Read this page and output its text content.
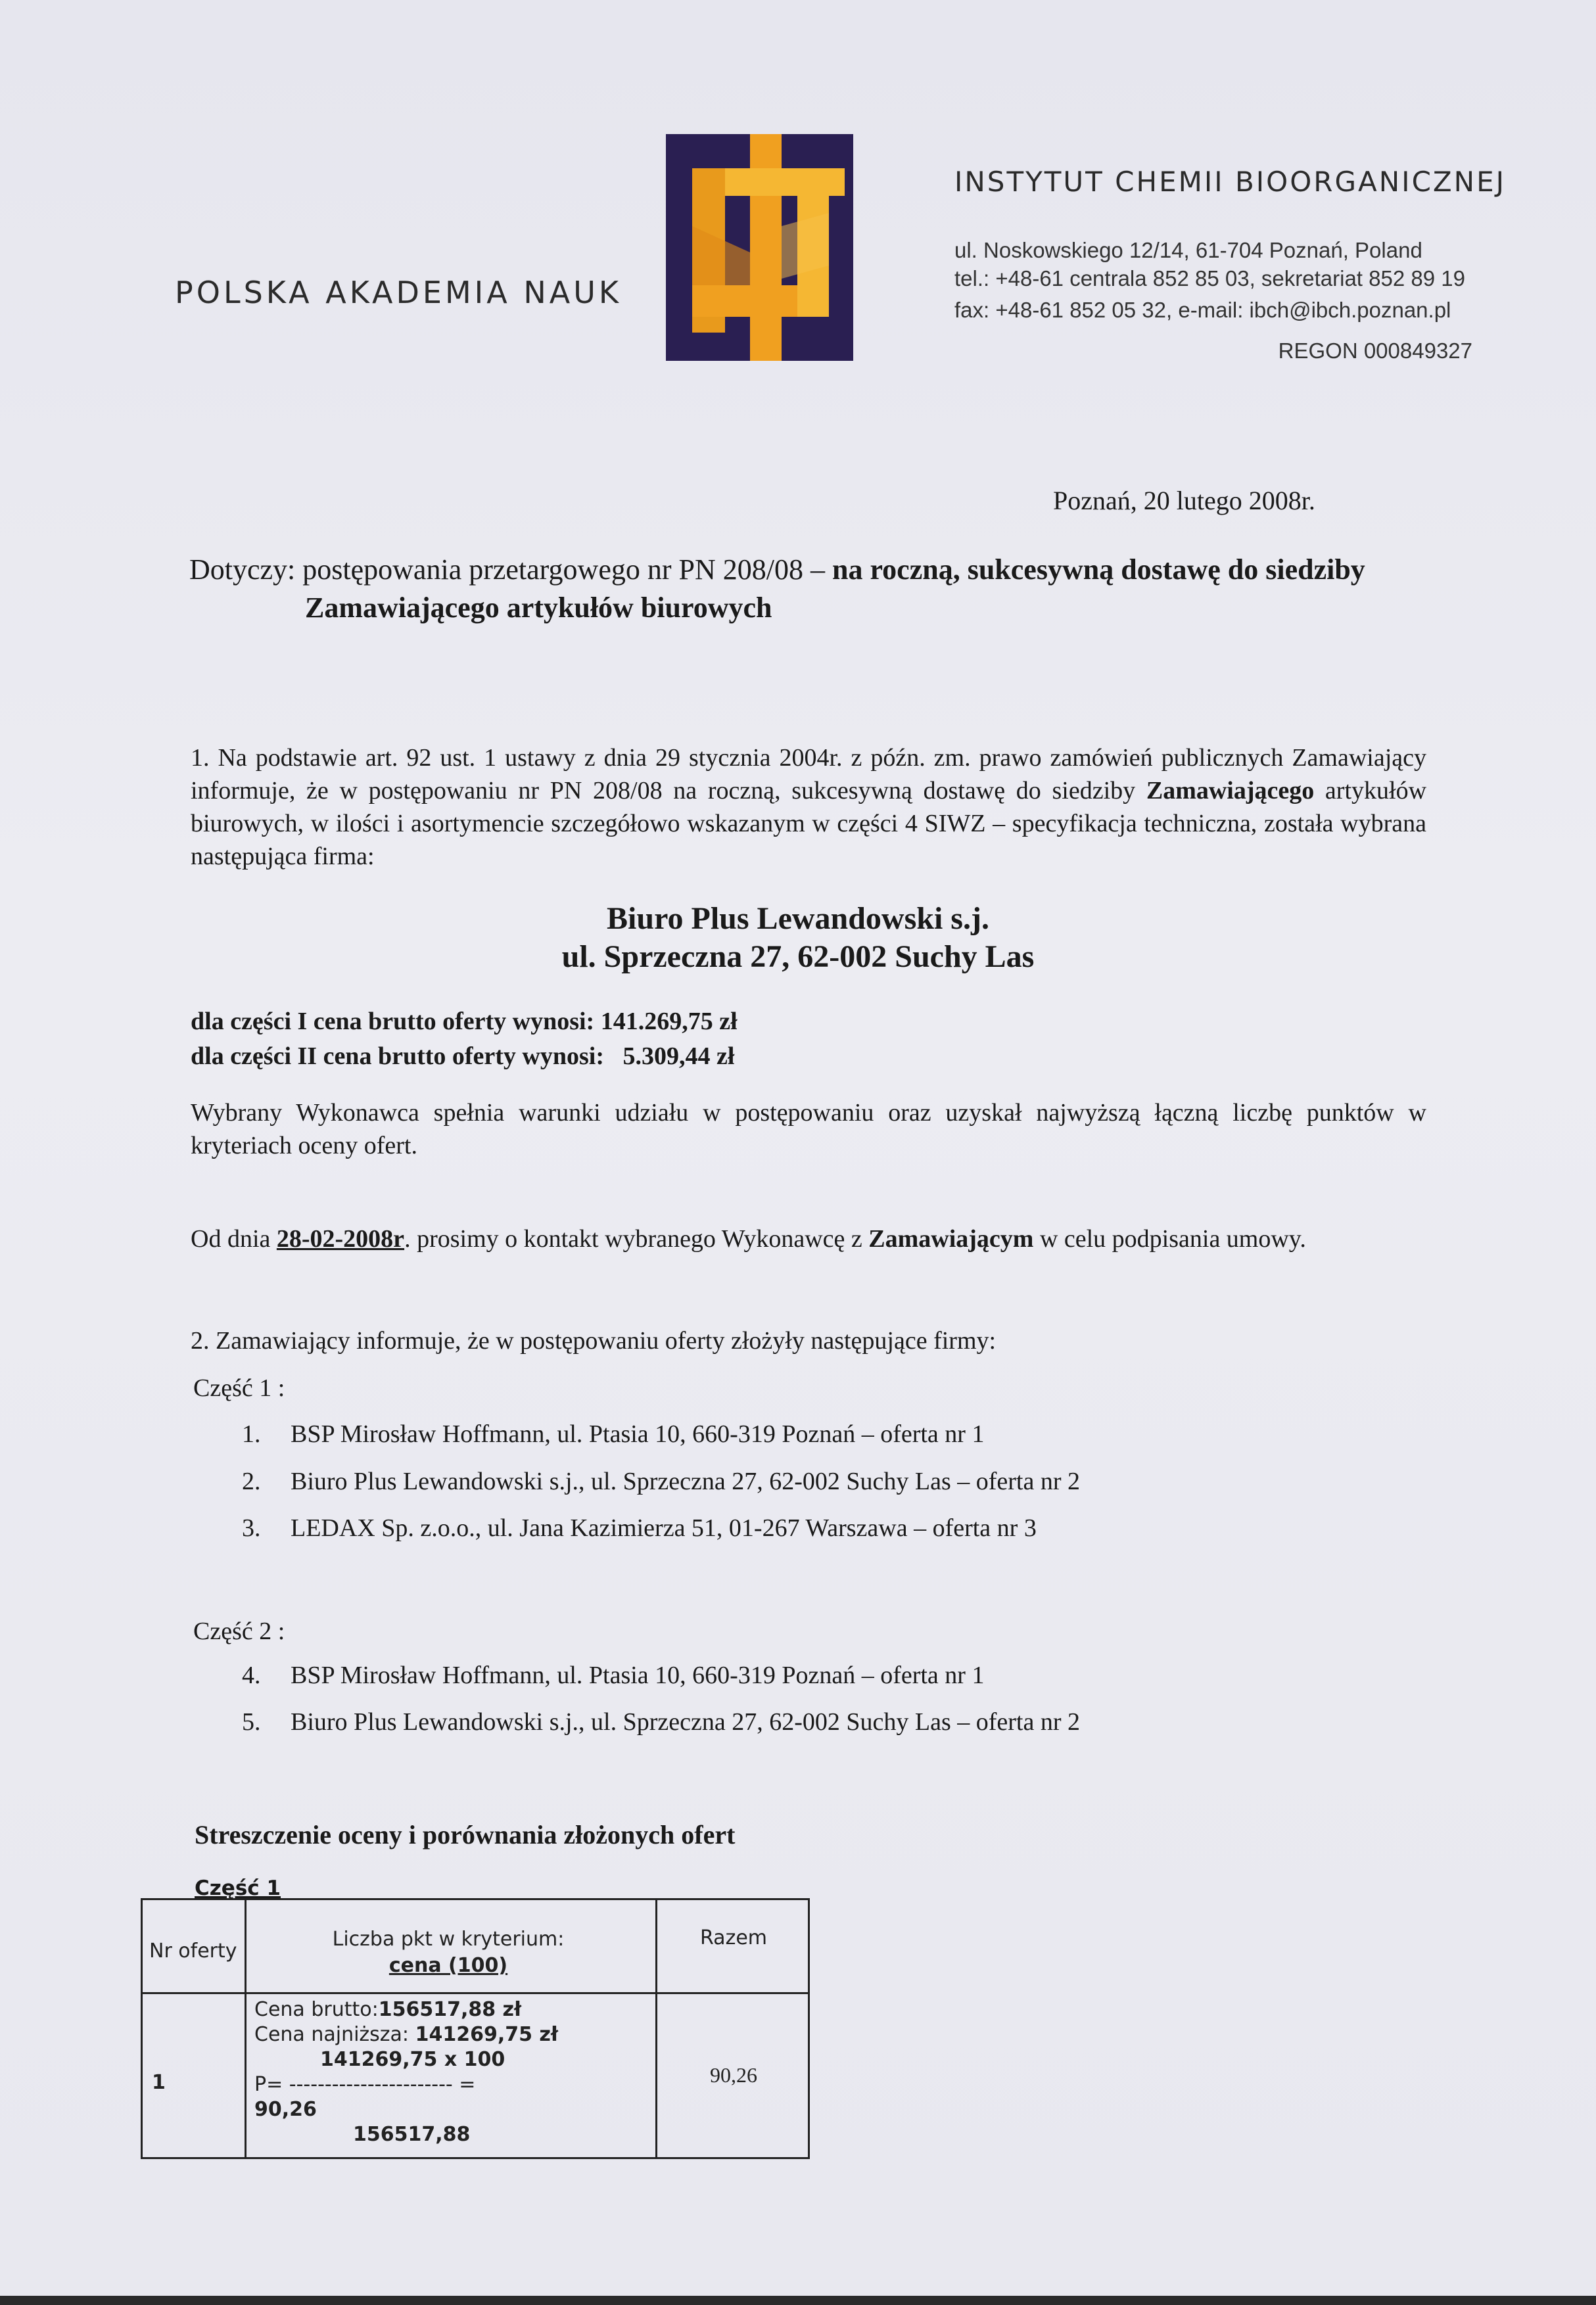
POLSKA AKADEMIA NAUK
INSTYTUT CHEMII BIOORGANICZNEJ
ul. Noskowskiego 12/14, 61-704 Poznań, Poland
tel.: +48-61 centrala 852 85 03, sekretariat 852 89 19
fax: +48-61 852 05 32, e-mail: ibch@ibch.poznan.pl
REGON 000849327
Poznań, 20 lutego 2008r.
Dotyczy: postępowania przetargowego nr PN 208/08 – na roczną, sukcesywną dostawę do siedziby
Zamawiającego artykułów biurowych
1. Na podstawie art. 92 ust. 1 ustawy z dnia 29 stycznia 2004r. z późn. zm. prawo zamówień publicznych Zamawiający informuje, że w postępowaniu nr PN 208/08 na roczną, sukcesywną dostawę do siedziby Zamawiającego artykułów biurowych, w ilości i asortymencie szczegółowo wskazanym w części 4 SIWZ – specyfikacja techniczna, została wybrana następująca firma:
Biuro Plus Lewandowski s.j.
ul. Sprzeczna 27, 62-002 Suchy Las
dla części I cena brutto oferty wynosi: 141.269,75 zł
dla części II cena brutto oferty wynosi:   5.309,44 zł
Wybrany Wykonawca spełnia warunki udziału w postępowaniu oraz uzyskał najwyższą łączną liczbę punktów w kryteriach oceny ofert.
Od dnia 28-02-2008r. prosimy o kontakt wybranego Wykonawcę z Zamawiającym w celu podpisania umowy.
2. Zamawiający informuje, że w postępowaniu oferty złożyły następujące firmy:
Część 1 :
1. BSP Mirosław Hoffmann, ul. Ptasia 10, 660-319 Poznań – oferta nr 1
2. Biuro Plus Lewandowski s.j., ul. Sprzeczna 27, 62-002 Suchy Las – oferta nr 2
3. LEDAX Sp. z.o.o., ul. Jana Kazimierza 51, 01-267 Warszawa – oferta nr 3
Część 2 :
4. BSP Mirosław Hoffmann, ul. Ptasia 10, 660-319 Poznań – oferta nr 1
5. Biuro Plus Lewandowski s.j., ul. Sprzeczna 27, 62-002 Suchy Las – oferta nr 2
Streszczenie oceny i porównania złożonych ofert
Część 1
Nr oferty
Liczba pkt w kryterium:
cena (100)
Razem
1
Cena brutto:156517,88 zł
Cena najniższa: 141269,75 zł
141269,75 x 100
P= ----------------------- =
90,26
156517,88
90,26
